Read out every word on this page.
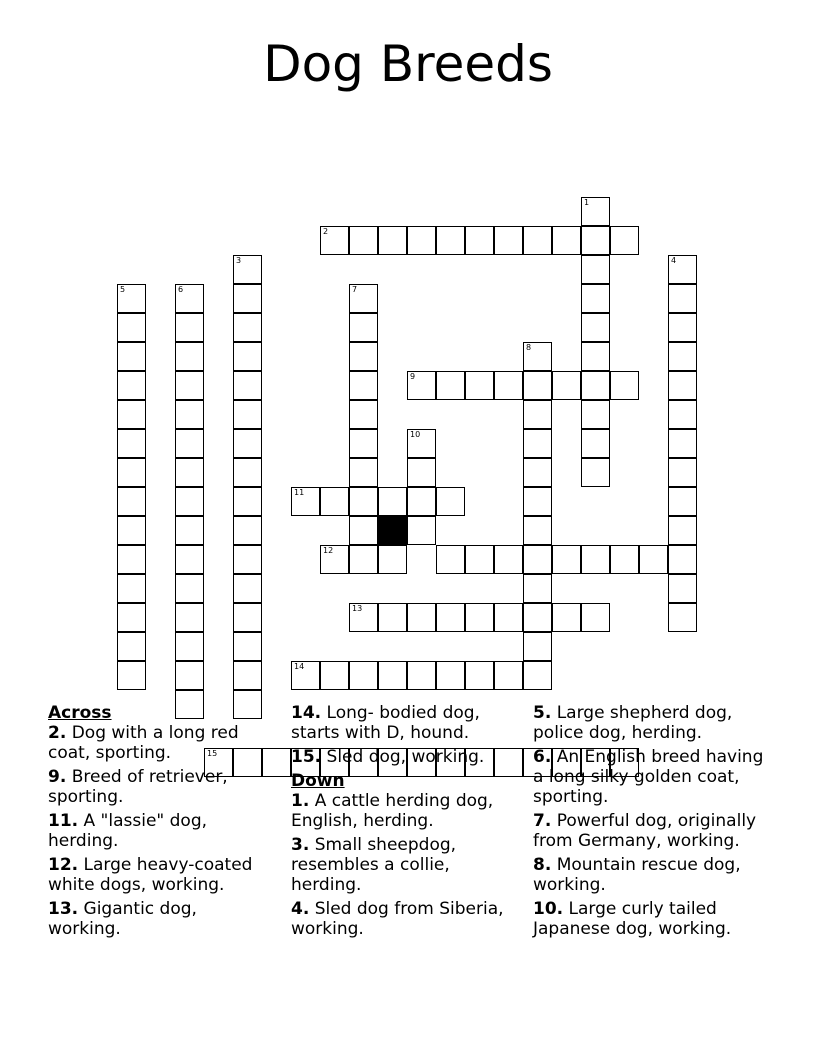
Dog Breeds
1
2
3	4
5	6	7
8
9
10
11
12
13
14
15
Across

2. Dog with a long red coat, sporting.

9. Breed of retriever, sporting.

11. A "lassie" dog, herding.

12. Large heavy-coated white dogs, working.

13. Gigantic dog, working.

14. Long- bodied dog, starts with D, hound.

15. Sled dog, working.

Down

1. A cattle herding dog, English, herding.

3. Small sheepdog, resembles a collie, herding.

4. Sled dog from Siberia, working.

5. Large shepherd dog, police dog, herding.

6. An English breed having a long silky golden coat, sporting.

7. Powerful dog, originally from Germany, working.

8. Mountain rescue dog, working.

10. Large curly tailed Japanese dog, working.
